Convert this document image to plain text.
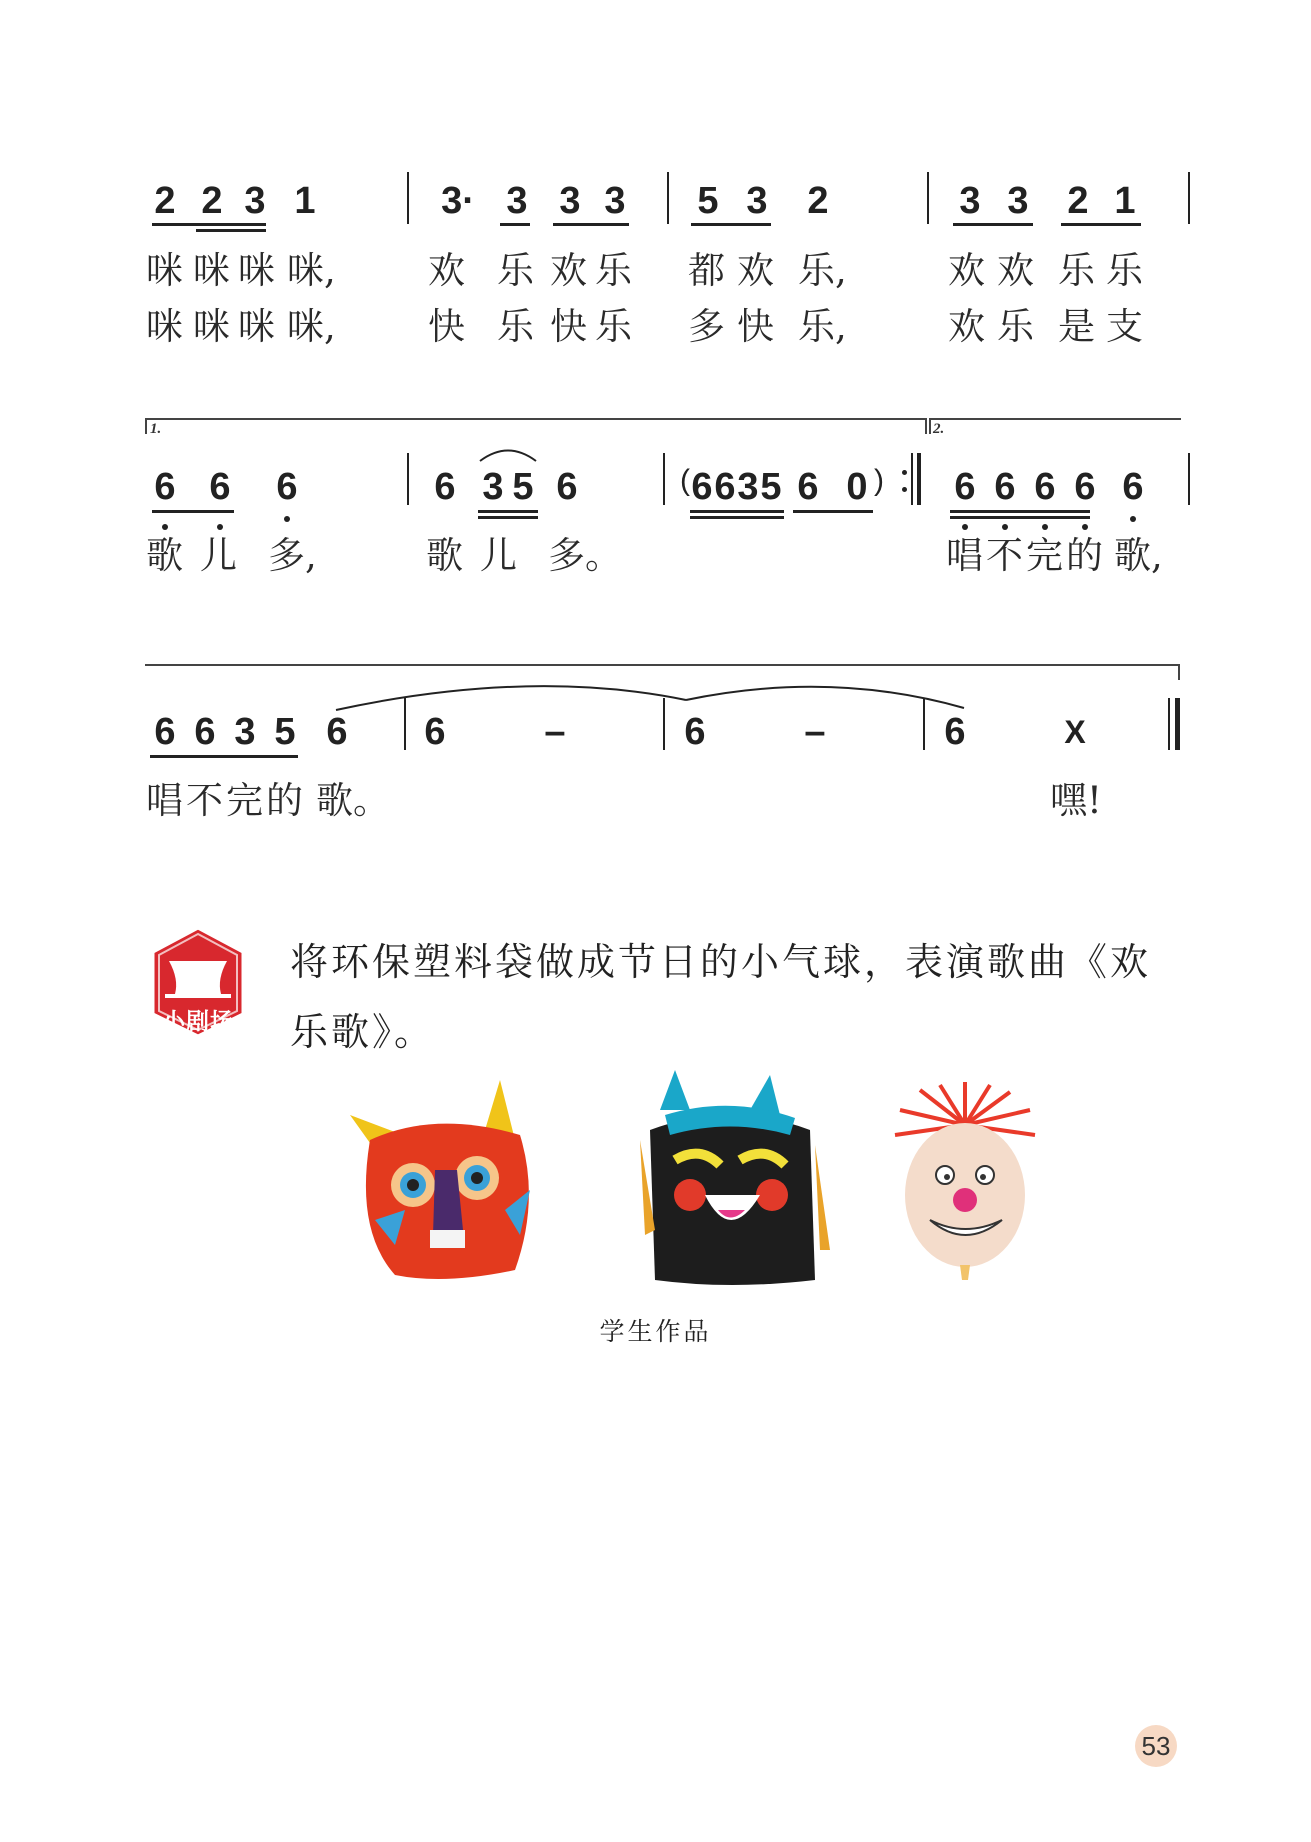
2 2 3 1	3· 3 3 3 5 3 2	3 3 2 1
咪 咪 咪 咪, 欢 乐 欢 乐 都 欢 乐,	欢 欢 乐 乐
咪 咪 咪 咪, 快 乐 快 乐 多 快 乐,	欢 乐 是 支
1.	2.
6 6 6	6 3 5 6	( 6 6 3 5 6 0 ) 6 6 6 6 6
歌 儿 多,	歌 儿 多。	唱 不 完 的 歌,
6 6 3 5 6 6	–	6	–	6	X
唱 不 完 的 歌。	嘿!
小剧场
将环保塑料袋做成节日的小气球，表演歌曲《欢乐歌》。
学生作品
53
